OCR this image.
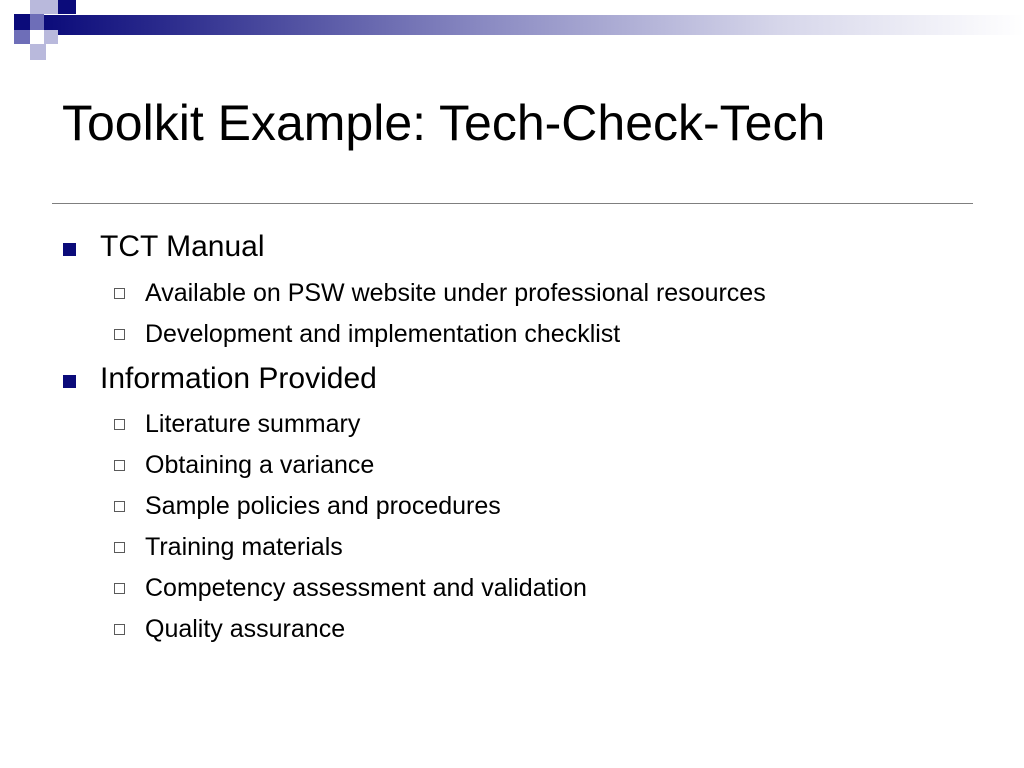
Toolkit Example: Tech-Check-Tech
TCT Manual
Available on PSW website under professional resources
Development and implementation checklist
Information Provided
Literature summary
Obtaining a variance
Sample policies and procedures
Training materials
Competency assessment and validation
Quality assurance
